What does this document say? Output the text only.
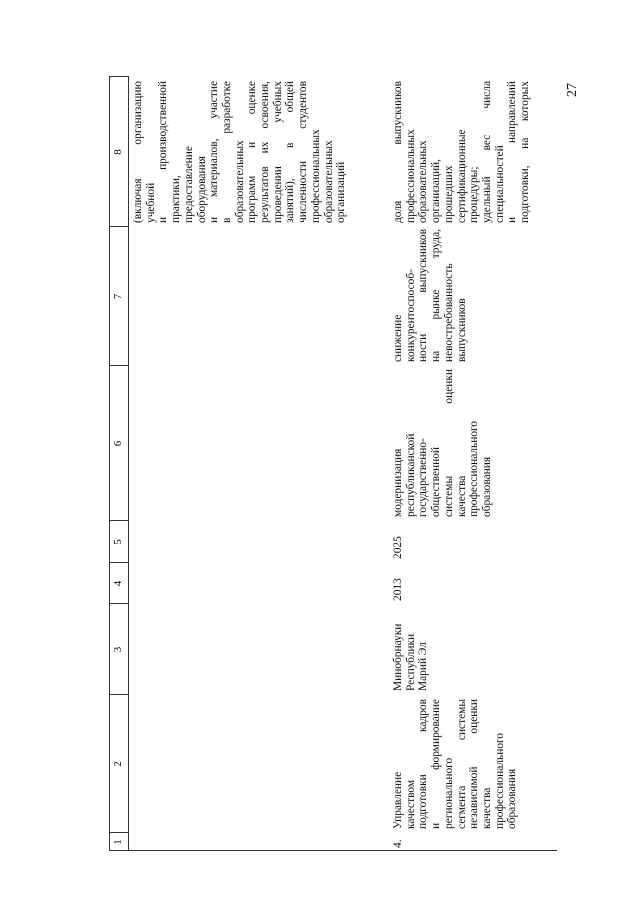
27
1
2
3
4
5
6
7
8 (включая организацию учебной и производственной практики, предоставление оборудования и материалов, участие в разработке образовательных программ и оценке результатов их освоения, проведении учебных занятий), в общей численности студентов профессиональных образовательных организаций
4.
Управление качеством подготовки кадров и формирование регионального сегмента системы независимой оценки качества профессионального образования
Минобрнауки Республики Марий Эл
2013
2025
модернизация республиканской государственно- общественной системы оценки качества профессионального образования
снижение конкурентоспособ- ности выпускников на рынке труда, невостребованность выпускников
доля выпускников профессиональных образовательных организаций, прошедших сертификационные процедуры; удельный вес числа специальностей и направлений подготовки, на которых
